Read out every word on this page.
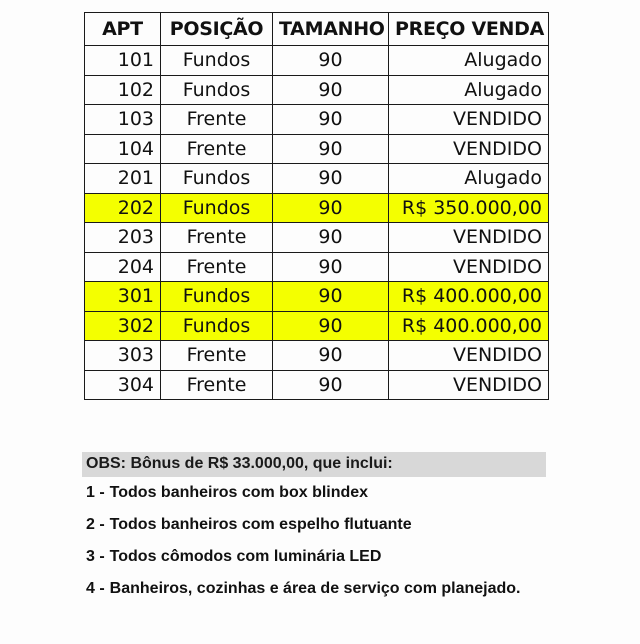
APT	POSIÇÃO	TAMANHO	PREÇO VENDA
101	Fundos	90	Alugado
102	Fundos	90	Alugado
103	Frente	90	VENDIDO
104	Frente	90	VENDIDO
201	Fundos	90	Alugado
202	Fundos	90	R$ 350.000,00
203	Frente	90	VENDIDO
204	Frente	90	VENDIDO
301	Fundos	90	R$ 400.000,00
302	Fundos	90	R$ 400.000,00
303	Frente	90	VENDIDO
304	Frente	90	VENDIDO
OBS: Bônus de R$ 33.000,00, que inclui:
1 - Todos banheiros com box blindex
2 - Todos banheiros com espelho flutuante
3 - Todos cômodos com luminária LED
4 - Banheiros, cozinhas e área de serviço com planejado.
